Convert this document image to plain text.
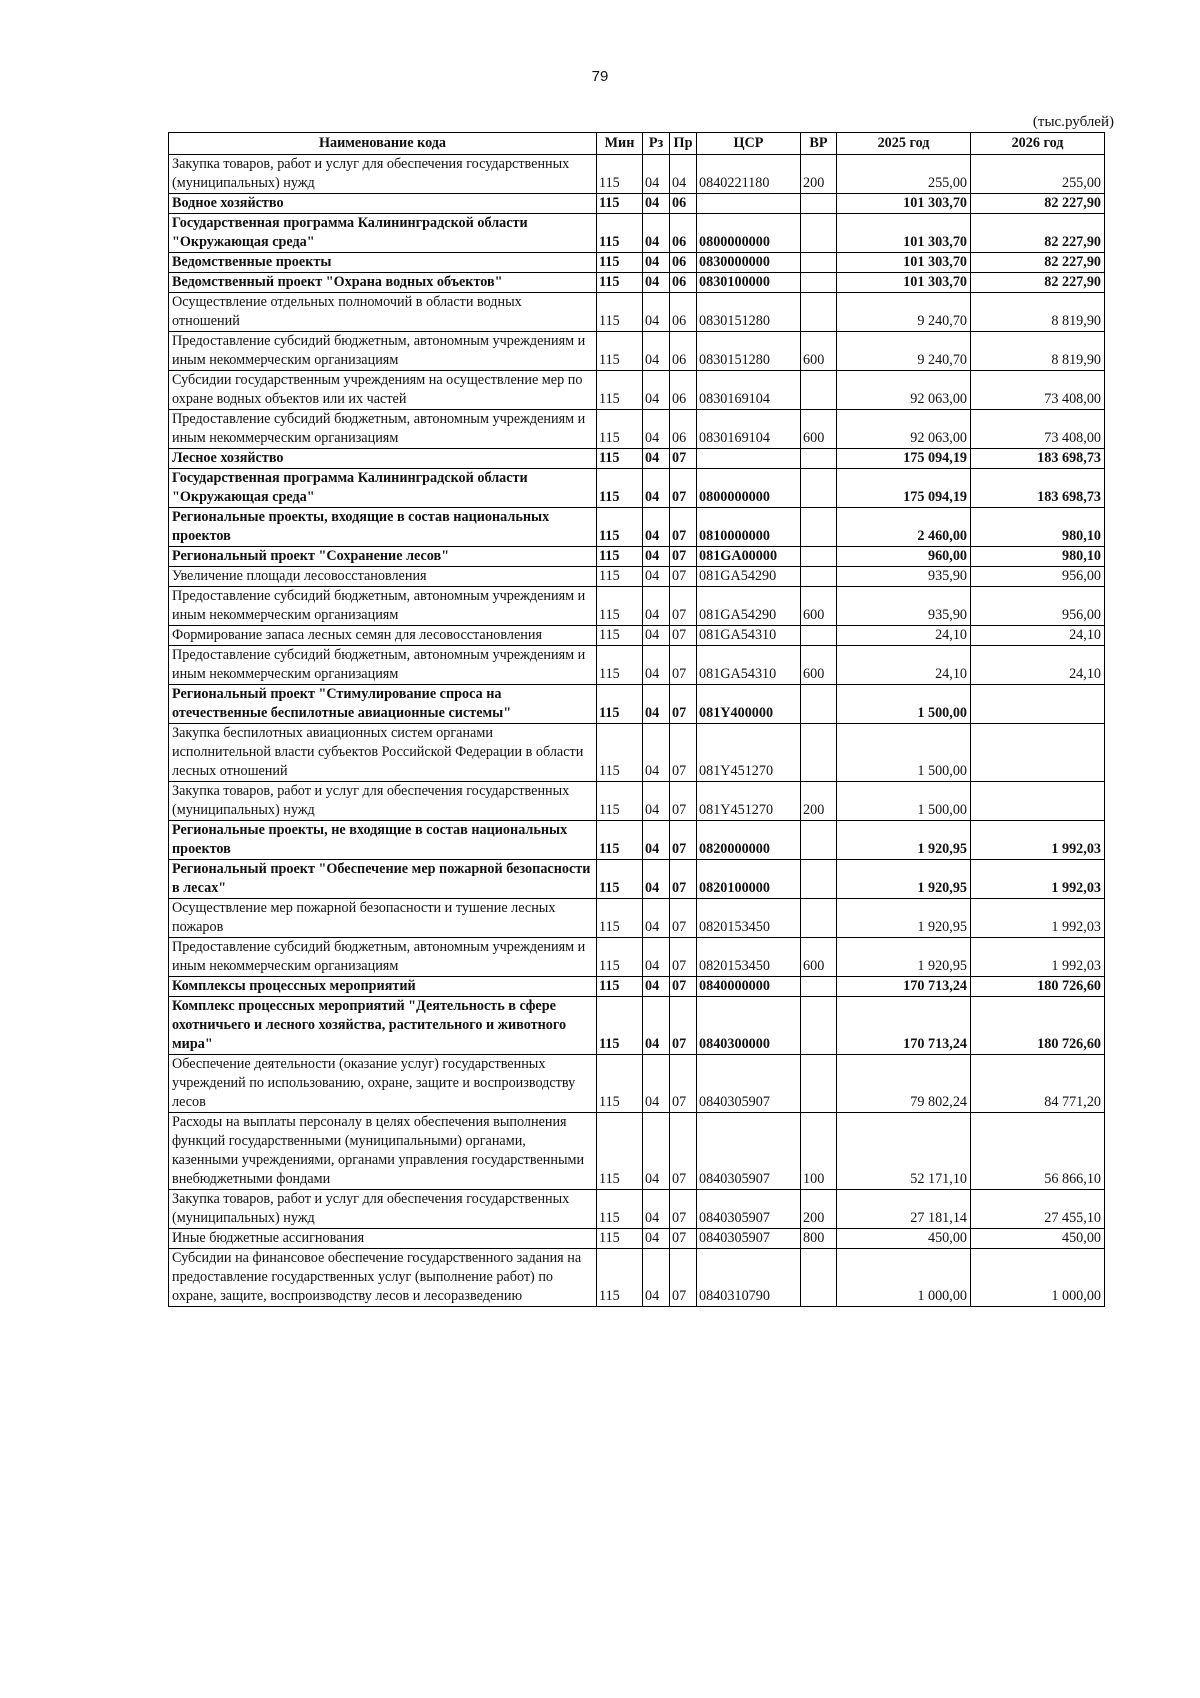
79
(тыс.рублей)
Наименование кода	Мин	Рз	Пр	ЦСР	ВР	2025 год	2026 год
Закупка товаров, работ и услуг для обеспечения государственных (муниципальных) нужд	115	04	04	0840221180	200	255,00	255,00
Водное хозяйство	115	04	06			101 303,70	82 227,90
Государственная программа Калининградской области "Окружающая среда"	115	04	06	0800000000		101 303,70	82 227,90
Ведомственные проекты	115	04	06	0830000000		101 303,70	82 227,90
Ведомственный проект "Охрана водных объектов"	115	04	06	0830100000		101 303,70	82 227,90
Осуществление отдельных полномочий в области водных отношений	115	04	06	0830151280		9 240,70	8 819,90
Предоставление субсидий бюджетным, автономным учреждениям и иным некоммерческим организациям	115	04	06	0830151280	600	9 240,70	8 819,90
Субсидии государственным учреждениям на осуществление мер по охране водных объектов или их частей	115	04	06	0830169104		92 063,00	73 408,00
Предоставление субсидий бюджетным, автономным учреждениям и иным некоммерческим организациям	115	04	06	0830169104	600	92 063,00	73 408,00
Лесное хозяйство	115	04	07			175 094,19	183 698,73
Государственная программа Калининградской области "Окружающая среда"	115	04	07	0800000000		175 094,19	183 698,73
Региональные проекты, входящие в состав национальных проектов	115	04	07	0810000000		2 460,00	980,10
Региональный проект "Сохранение лесов"	115	04	07	081GA00000		960,00	980,10
Увеличение площади лесовосстановления	115	04	07	081GA54290		935,90	956,00
Предоставление субсидий бюджетным, автономным учреждениям и иным некоммерческим организациям	115	04	07	081GA54290	600	935,90	956,00
Формирование запаса лесных семян для лесовосстановления	115	04	07	081GA54310		24,10	24,10
Предоставление субсидий бюджетным, автономным учреждениям и иным некоммерческим организациям	115	04	07	081GA54310	600	24,10	24,10
Региональный проект "Стимулирование спроса на отечественные беспилотные авиационные системы"	115	04	07	081Y400000		1 500,00	
Закупка беспилотных авиационных систем органами исполнительной власти субъектов Российской Федерации в области лесных отношений	115	04	07	081Y451270		1 500,00	
Закупка товаров, работ и услуг для обеспечения государственных (муниципальных) нужд	115	04	07	081Y451270	200	1 500,00	
Региональные проекты, не входящие в состав национальных проектов	115	04	07	0820000000		1 920,95	1 992,03
Региональный проект "Обеспечение мер пожарной безопасности в лесах"	115	04	07	0820100000		1 920,95	1 992,03
Осуществление мер пожарной безопасности и тушение лесных пожаров	115	04	07	0820153450		1 920,95	1 992,03
Предоставление субсидий бюджетным, автономным учреждениям и иным некоммерческим организациям	115	04	07	0820153450	600	1 920,95	1 992,03
Комплексы процессных мероприятий	115	04	07	0840000000		170 713,24	180 726,60
Комплекс процессных мероприятий "Деятельность в сфере охотничьего и лесного хозяйства, растительного и животного мира"	115	04	07	0840300000		170 713,24	180 726,60
Обеспечение деятельности (оказание услуг) государственных учреждений по использованию, охране, защите и воспроизводству лесов	115	04	07	0840305907		79 802,24	84 771,20
Расходы на выплаты персоналу в целях обеспечения выполнения функций государственными (муниципальными) органами, казенными учреждениями, органами управления государственными внебюджетными фондами	115	04	07	0840305907	100	52 171,10	56 866,10
Закупка товаров, работ и услуг для обеспечения государственных (муниципальных) нужд	115	04	07	0840305907	200	27 181,14	27 455,10
Иные бюджетные ассигнования	115	04	07	0840305907	800	450,00	450,00
Субсидии на финансовое обеспечение государственного задания на предоставление государственных услуг (выполнение работ) по охране, защите, воспроизводству лесов и лесоразведению	115	04	07	0840310790		1 000,00	1 000,00
